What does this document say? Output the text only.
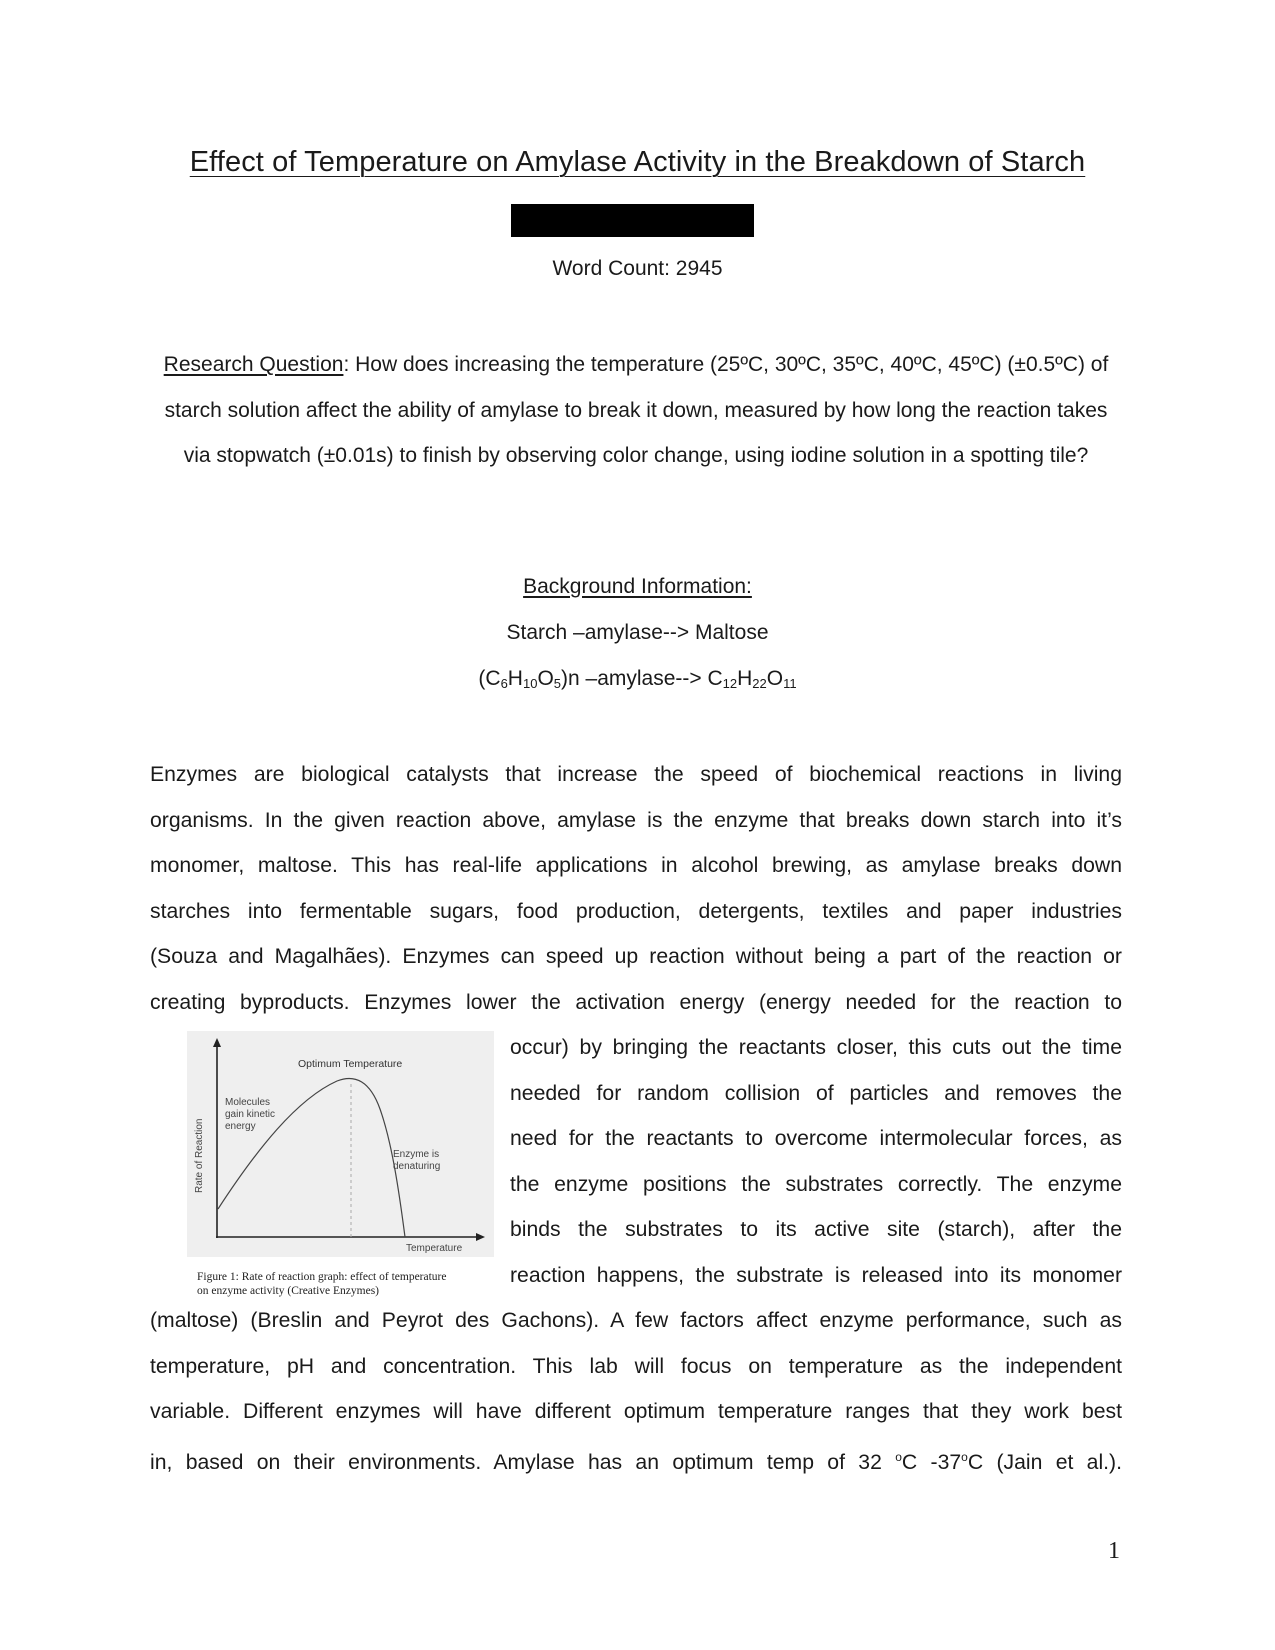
Effect of Temperature on Amylase Activity in the Breakdown of Starch
Word Count: 2945
Research Question: How does increasing the temperature (25ºC, 30ºC, 35ºC, 40ºC, 45ºC) (±0.5ºC) of starch solution affect the ability of amylase to break it down, measured by how long the reaction takes via stopwatch (±0.01s) to finish by observing color change, using iodine solution in a spotting tile?
Background Information:
Starch –amylase--> Maltose
$(C_6H_{10}O_5)n$ –amylase--> $C_{12}H_{22}O_{11}$

Enzymes are biological catalysts that increase the speed of biochemical reactions in living

organisms. In the given reaction above, amylase is the enzyme that breaks down starch into it’s

monomer, maltose. This has real-life applications in alcohol brewing, as amylase breaks down

starches into fermentable sugars, food production, detergents, textiles and paper industries

(Souza and Magalhães). Enzymes can speed up reaction without being a part of the reaction or

creating byproducts. Enzymes lower the activation energy (energy needed for the reaction to

occur) by bringing the reactants closer, this cuts out the time

needed for random collision of particles and removes the

need for the reactants to overcome intermolecular forces, as

the enzyme positions the substrates correctly. The enzyme

binds the substrates to its active site (starch), after the

reaction happens, the substrate is released into its monomer

(maltose) (Breslin and Peyrot des Gachons). A few factors affect enzyme performance, such as

temperature, pH and concentration. This lab will focus on temperature as the independent

variable. Different enzymes will have different optimum temperature ranges that they work best

in, based on their environments. Amylase has an optimum temp of 32 $^o$C -37$^o$C (Jain et al.).

Optimum Temperature
Molecules
gain kinetic
energy
Enzyme is
denaturing
Rate of Reaction
Temperature
Figure 1: Rate of reaction graph: effect of temperature
on enzyme activity (Creative Enzymes)
1
